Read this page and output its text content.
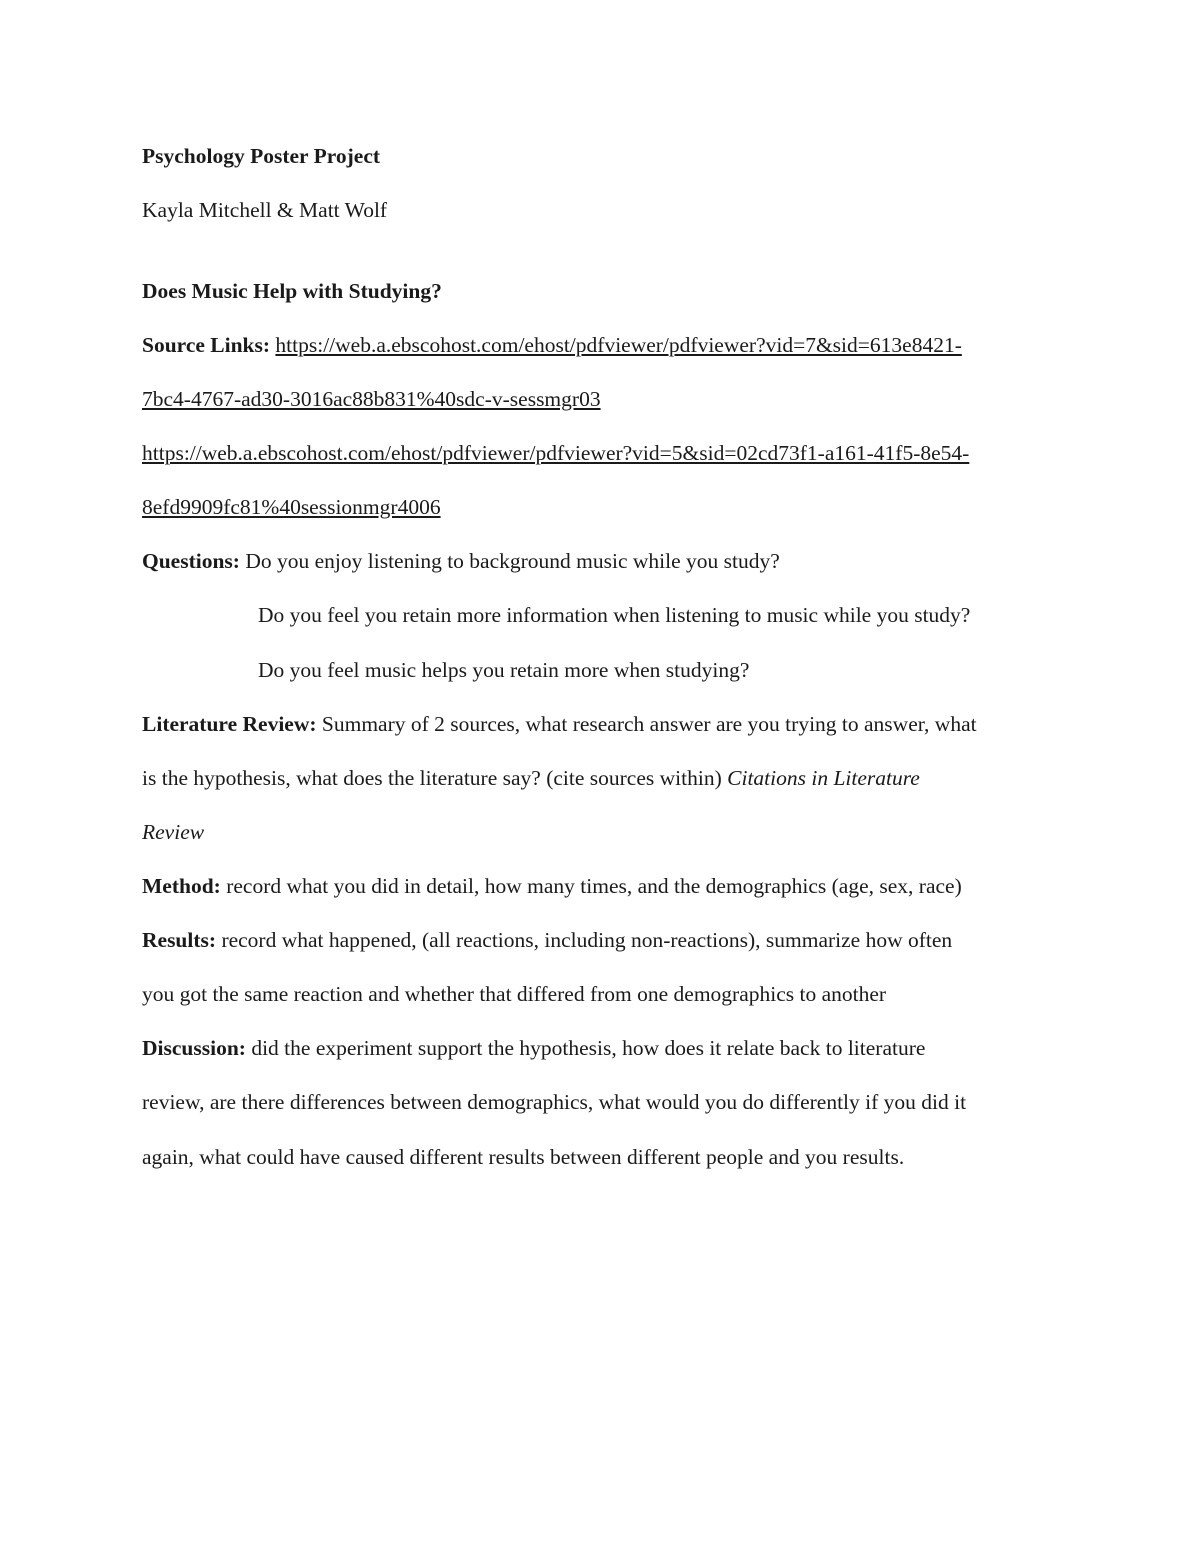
Psychology Poster Project
Kayla Mitchell & Matt Wolf
Does Music Help with Studying?
Source Links: https://web.a.ebscohost.com/ehost/pdfviewer/pdfviewer?vid=7&sid=613e8421-
7bc4-4767-ad30-3016ac88b831%40sdc-v-sessmgr03
https://web.a.ebscohost.com/ehost/pdfviewer/pdfviewer?vid=5&sid=02cd73f1-a161-41f5-8e54-
8efd9909fc81%40sessionmgr4006
Questions: Do you enjoy listening to background music while you study?
Do you feel you retain more information when listening to music while you study?
Do you feel music helps you retain more when studying?
Literature Review: Summary of 2 sources, what research answer are you trying to answer, what
is the hypothesis, what does the literature say? (cite sources within) Citations in Literature
Review
Method: record what you did in detail, how many times, and the demographics (age, sex, race)
Results: record what happened, (all reactions, including non-reactions), summarize how often
you got the same reaction and whether that differed from one demographics to another
Discussion: did the experiment support the hypothesis, how does it relate back to literature
review, are there differences between demographics, what would you do differently if you did it
again, what could have caused different results between different people and you results.
